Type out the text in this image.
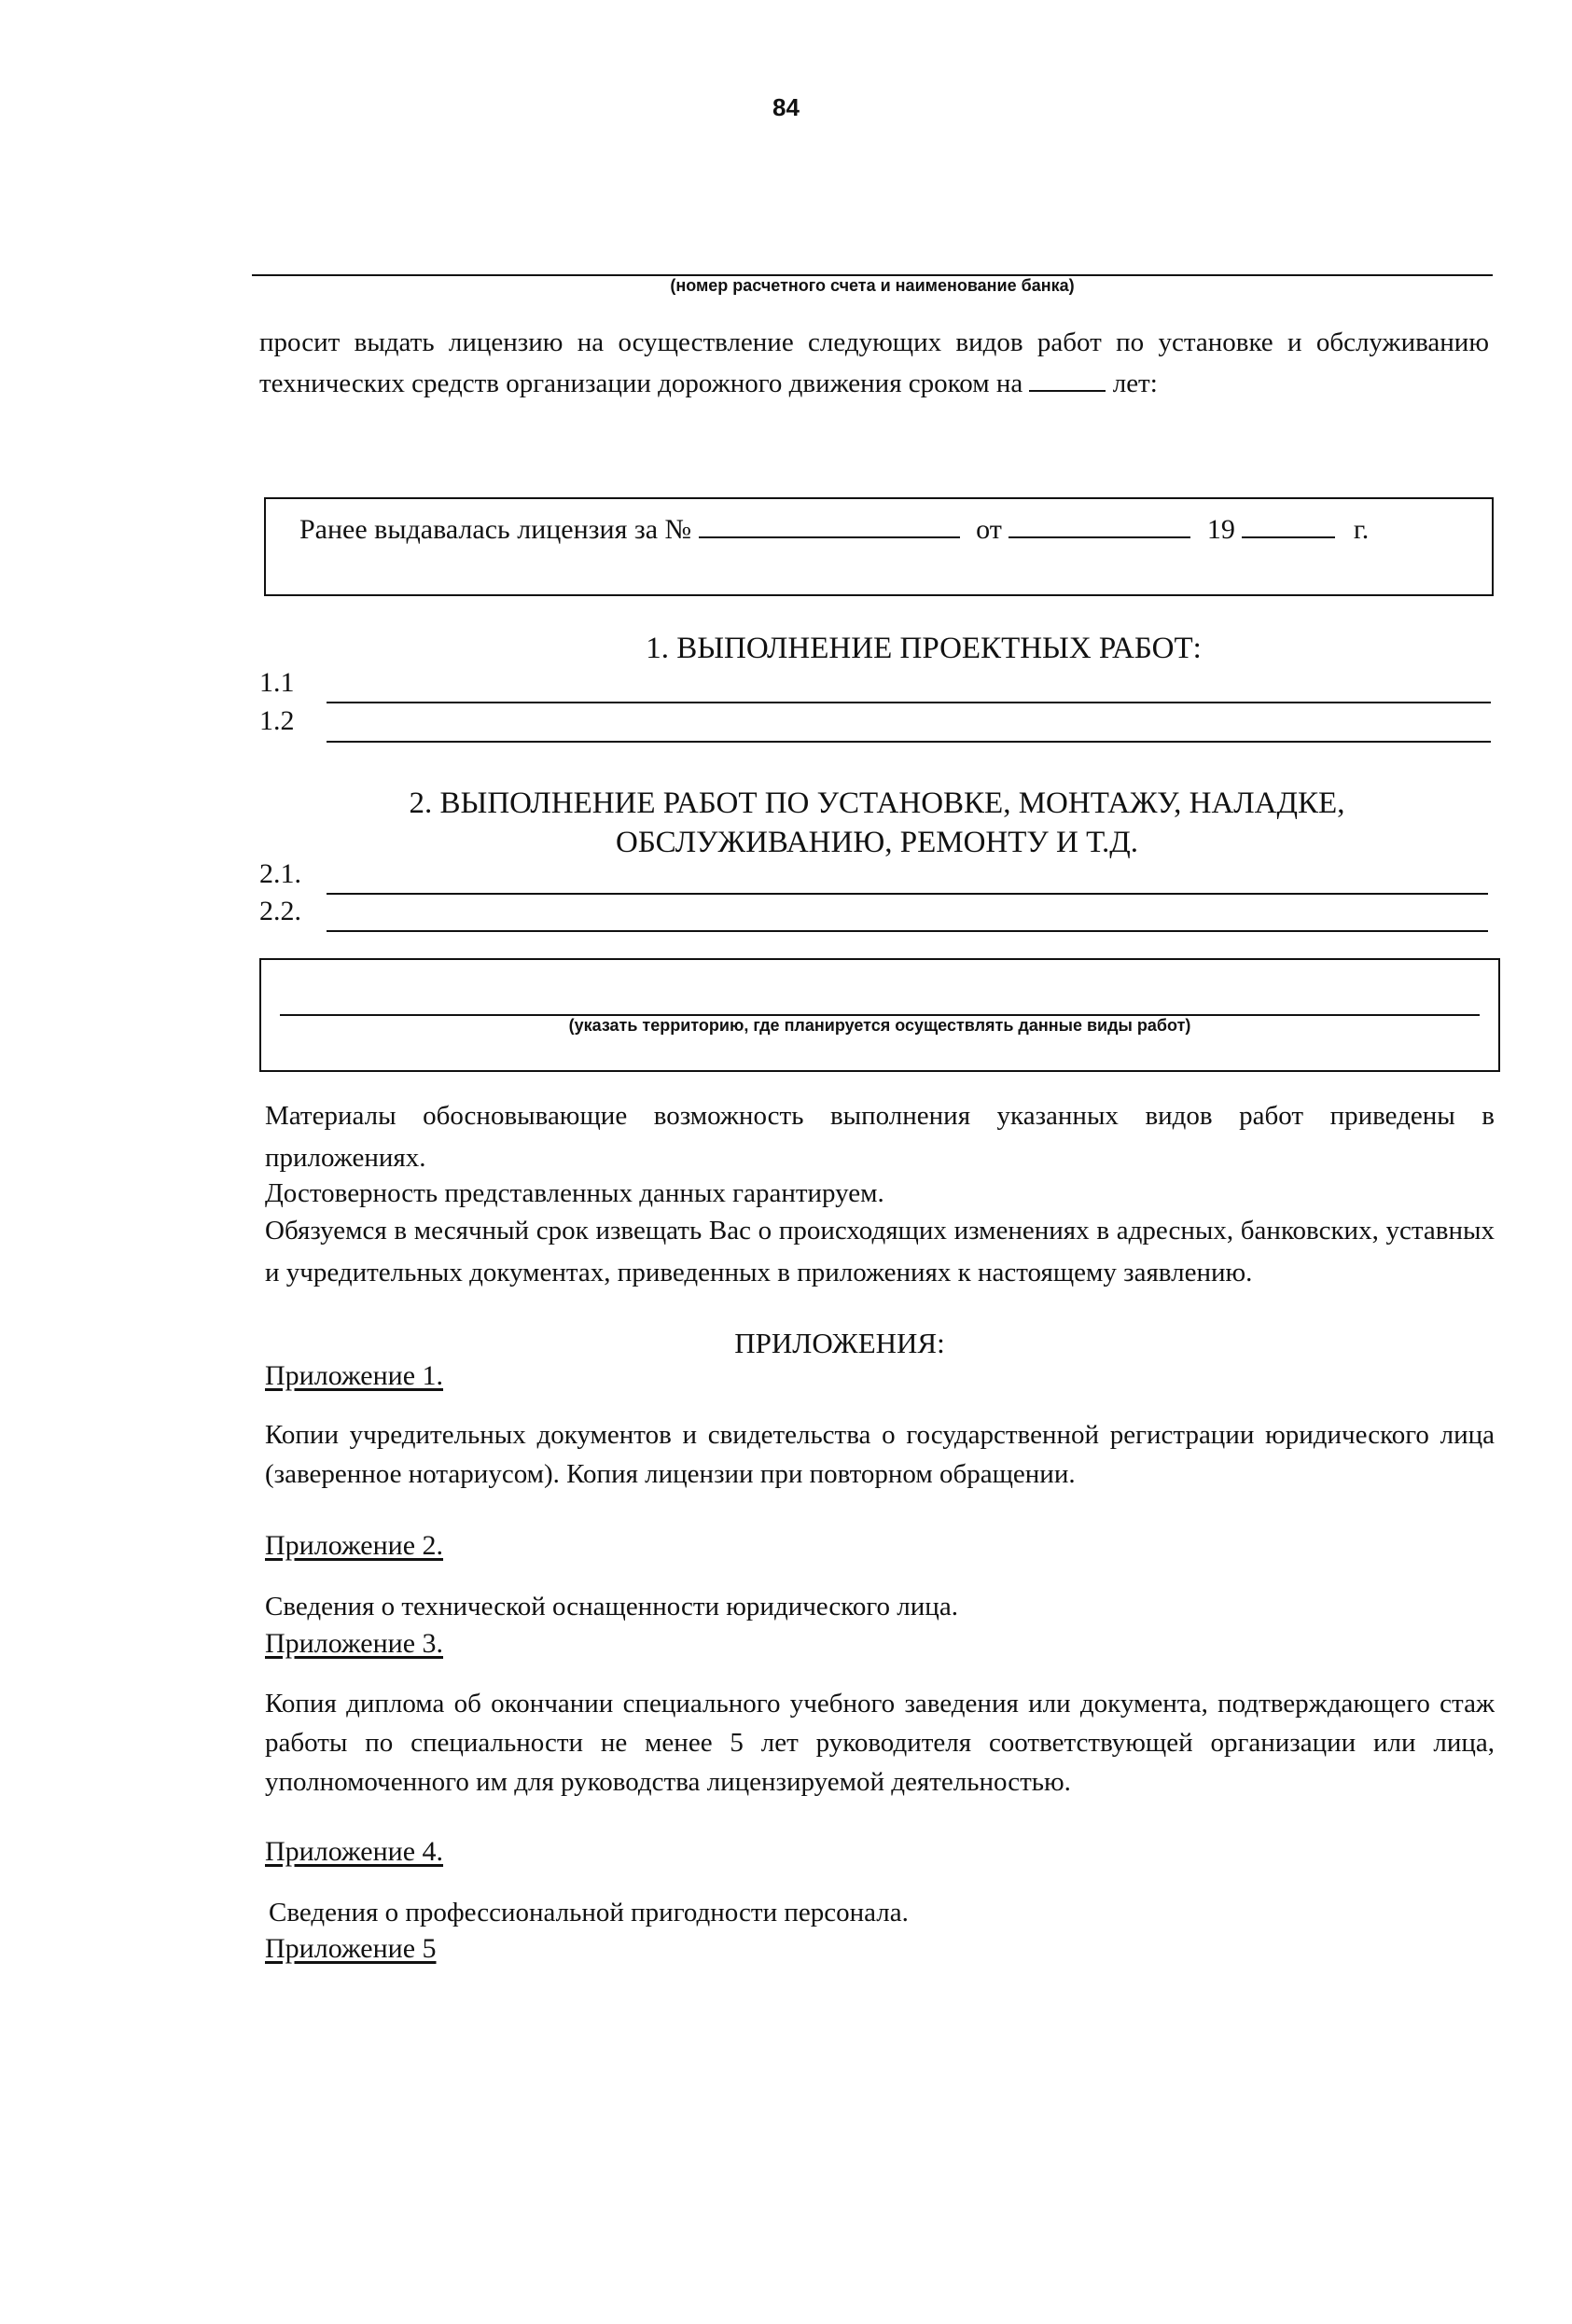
84
(номер расчетного счета и наименование банка)
просит выдать лицензию на осуществление следующих видов работ по установке и обслуживанию технических средств организации дорожного движения сроком на	лет:
Ранее выдавалась лицензия за №	от	19	г.
1. ВЫПОЛНЕНИЕ ПРОЕКТНЫХ РАБОТ:
1.1
1.2
2. ВЫПОЛНЕНИЕ РАБОТ ПО УСТАНОВКЕ, МОНТАЖУ, НАЛАДКЕ,
ОБСЛУЖИВАНИЮ, РЕМОНТУ И Т.Д.
2.1.
2.2.
(указать территорию, где планируется осуществлять данные виды работ)
Материалы обосновывающие возможность выполнения указанных видов работ приведены в приложениях.
Достоверность представленных данных гарантируем.
Обязуемся в месячный срок извещать Вас о происходящих изменениях в адресных, банковских, уставных и учредительных документах, приведенных в приложениях к настоящему заявлению.
ПРИЛОЖЕНИЯ:
Приложение 1.
Копии учредительных документов и свидетельства о государственной регистрации юридического лица (заверенное нотариусом). Копия лицензии при повторном обращении.
Приложение 2.
Сведения о технической оснащенности юридического лица.
Приложение 3.
Копия диплома об окончании специального учебного заведения или документа, подтверждающего стаж работы по специальности не менее 5 лет руководителя соответствующей организации или лица, уполномоченного им для руководства лицензируемой деятельностью.
Приложение 4.
Сведения о профессиональной пригодности персонала.
Приложение 5
